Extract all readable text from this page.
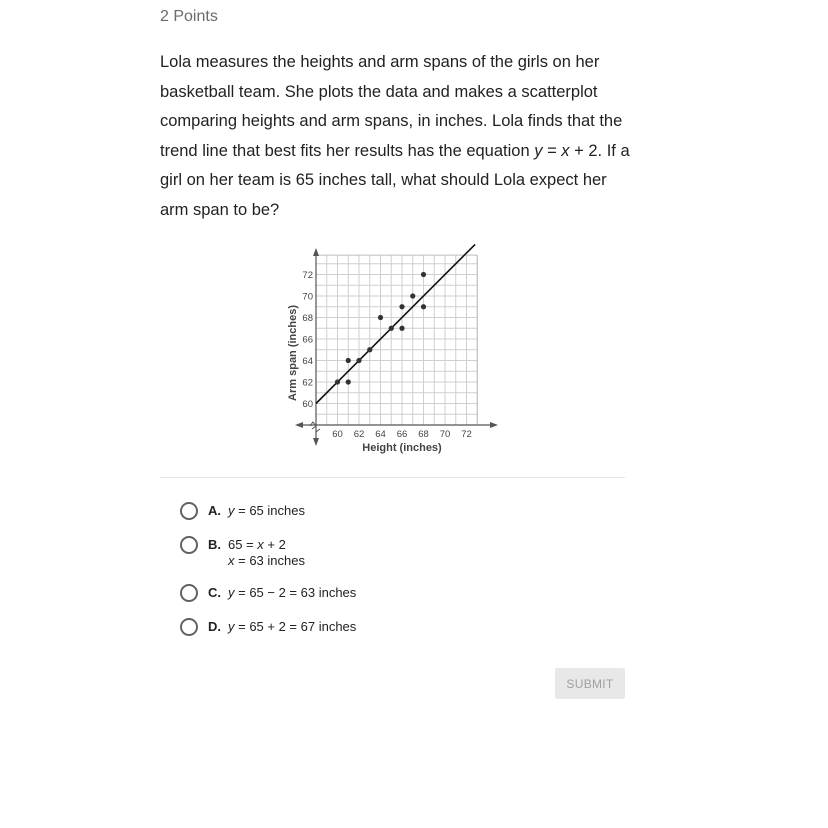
2 Points
Lola measures the heights and arm spans of the girls on her basketball team. She plots the data and makes a scatterplot comparing heights and arm spans, in inches. Lola finds that the trend line that best fits her results has the equation y = x + 2. If a girl on her team is 65 inches tall, what should Lola expect her arm span to be?
60 62 64 66 68 70 72
60
62
64
66
68
70
72
Height (inches)
Arm span (inches)
A. y = 65 inches
B. 65 = x + 2
x = 63 inches
C. y = 65 − 2 = 63 inches
D. y = 65 + 2 = 67 inches
SUBMIT
